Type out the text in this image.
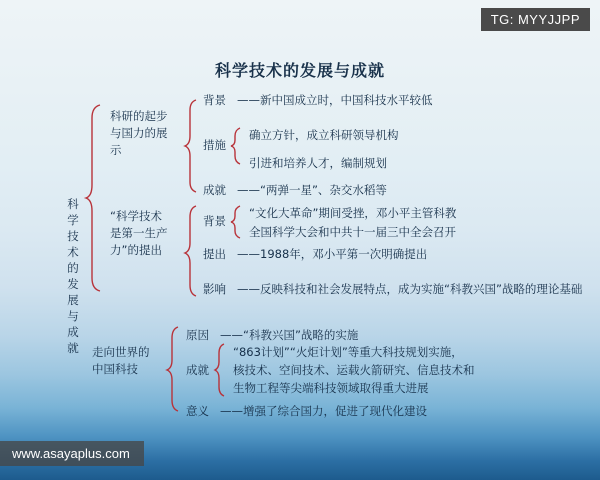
TG: MYYJJPP
科学技术的发展与成就
科学技术的发展与成就
科研的起步与国力的展示
背景 ——新中国成立时，中国科技水平较低
措施
确立方针，成立科研领导机构
引进和培养人才，编制规划
成就 ——“两弹一星”、杂交水稻等
“科学技术是第一生产力”的提出
背景
“文化大革命”期间受挫，邓小平主管科教
全国科学大会和中共十一届三中全会召开
提出 ——1988年，邓小平第一次明确提出
影响 ——反映科技和社会发展特点，成为实施“科教兴国”战略的理论基础
走向世界的中国科技
原因 ——“科教兴国”战略的实施
成就
“863计划”“火炬计划”等重大科技规划实施，
核技术、空间技术、运载火箭研究、信息技术和
生物工程等尖端科技领域取得重大进展
意义 ——增强了综合国力，促进了现代化建设
www.asayaplus.com
